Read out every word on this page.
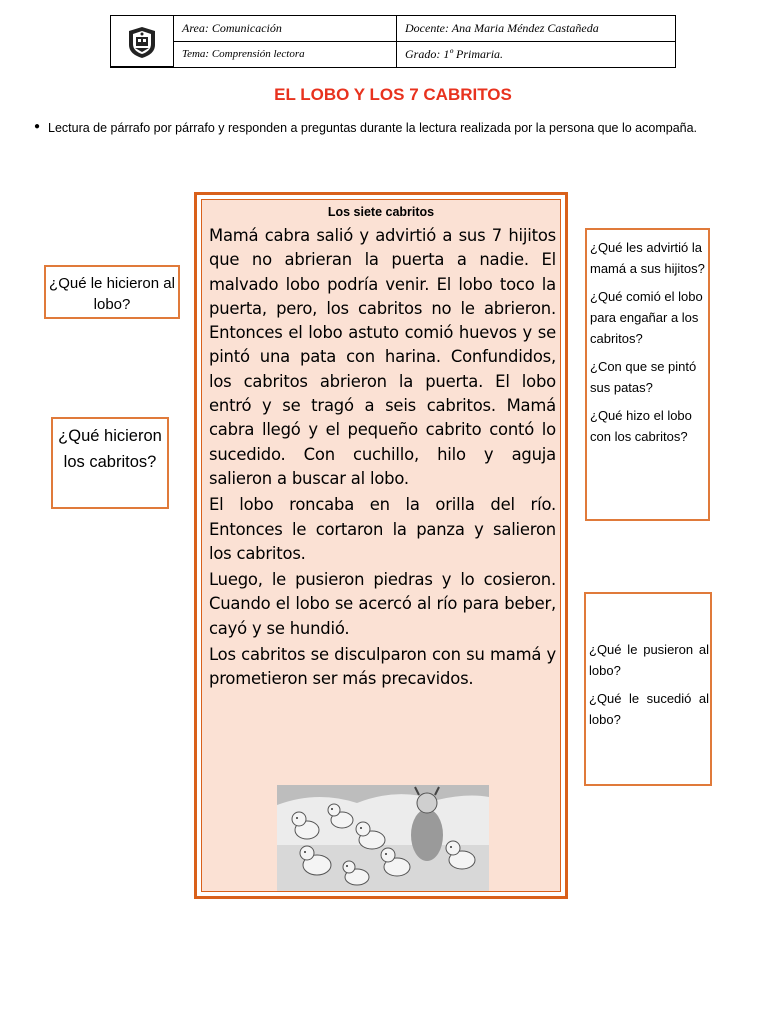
Area: Comunicación	Docente: Ana Maria Méndez Castañeda
Tema: Comprensión lectora	Grado: 1º Primaria.
EL LOBO Y LOS 7 CABRITOS
● Lectura de párrafo por párrafo y responden a preguntas durante la lectura realizada por la persona que lo acompaña.
¿Qué le hicieron al lobo?
¿Qué hicieron los cabritos?
Los siete cabritos

Mamá cabra salió y advirtió a sus 7 hijitos que no abrieran la puerta a nadie. El malvado lobo podría venir. El lobo toco la puerta, pero, los cabritos no le abrieron. Entonces el lobo astuto comió huevos y se pintó una pata con harina. Confundidos, los cabritos abrieron la puerta. El lobo entró y se tragó a seis cabritos. Mamá cabra llegó y el pequeño cabrito contó lo sucedido. Con cuchillo, hilo y aguja salieron a buscar al lobo.

El lobo roncaba en la orilla del río. Entonces le cortaron la panza y salieron los cabritos.

Luego, le pusieron piedras y lo cosieron. Cuando el lobo se acercó al río para beber, cayó y se hundió.

Los cabritos se disculparon con su mamá y prometieron ser más precavidos.

¿Qué les advirtió la mamá a sus hijitos?

¿Qué comió el lobo para engañar a los cabritos?

¿Con que se pintó sus patas?

¿Qué hizo el lobo con los cabritos?

¿Qué le pusieron al lobo?

¿Qué le sucedió al lobo?
